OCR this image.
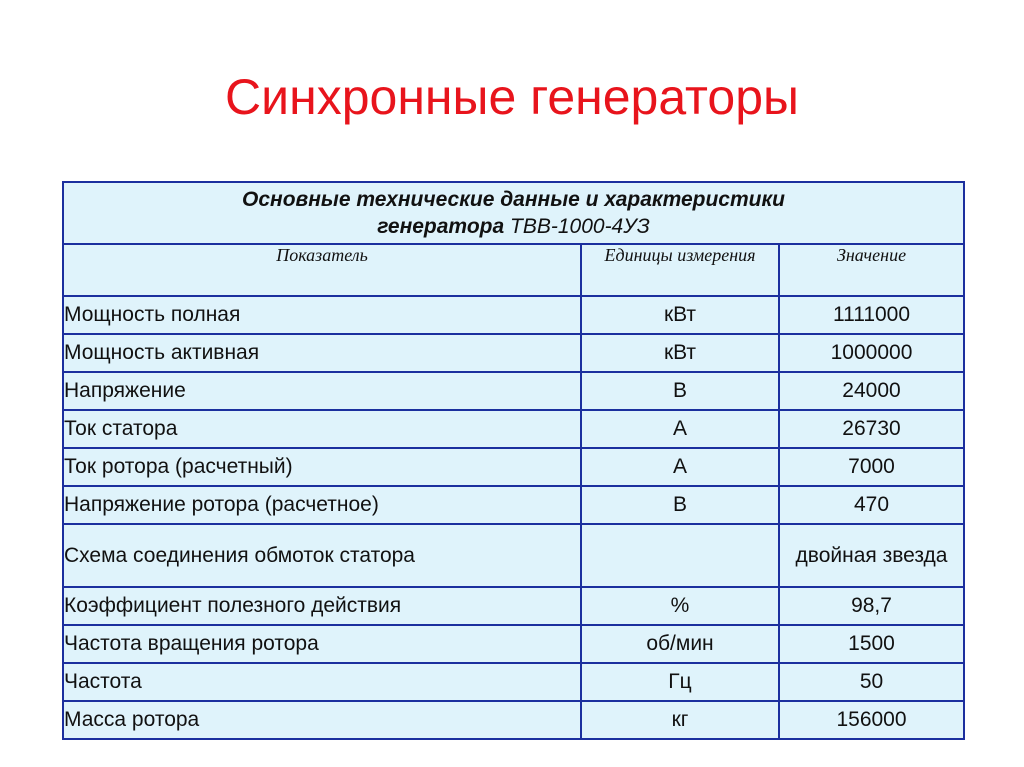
Синхронные генераторы
Основные технические данные и характеристики
генератора ТВВ-1000-4УЗ		
Показатель	Единицы измерения	Значение
Мощность полная	кВт	1111000
Мощность активная	кВт	1000000
Напряжение	В	24000
Ток статора	А	26730
Ток ротора (расчетный)	А	7000
Напряжение ротора (расчетное)	В	470
Схема соединения обмоток статора		двойная звезда
Коэффициент полезного действия	%	98,7
Частота вращения ротора	об/мин	1500
Частота	Гц	50
Масса ротора	кг	156000
